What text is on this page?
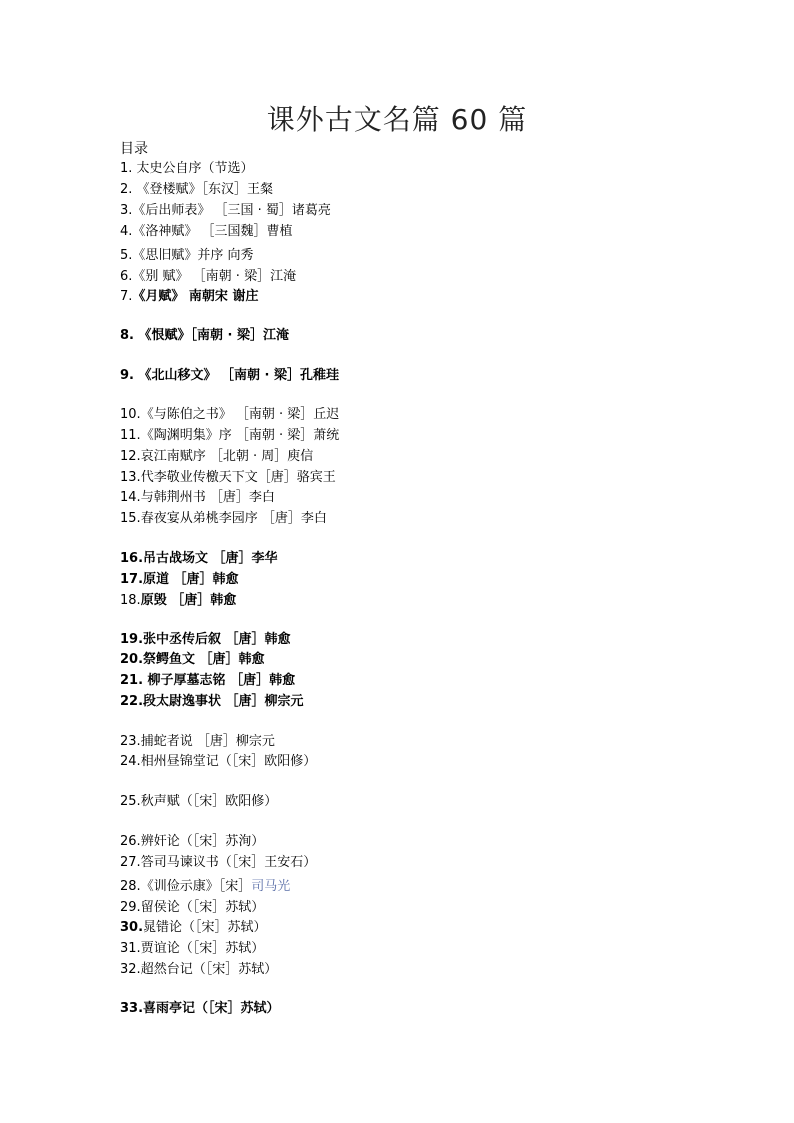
课外古文名篇 60 篇
目录
1. 太史公自序（节选）
2. 《登楼赋》［东汉］王粲
3.《后出师表》 ［三国 · 蜀］诸葛亮
4.《洛神赋》 ［三国魏］曹植
5.《思旧赋》并序 向秀
6.《别 赋》 ［南朝 · 梁］江淹
7.《月赋》 南朝宋 谢庄
8. 《恨赋》［南朝 · 梁］江淹
9. 《北山移文》 ［南朝 · 梁］孔稚珪
10.《与陈伯之书》 ［南朝 · 梁］丘迟
11.《陶渊明集》序 ［南朝 · 梁］萧统
12.哀江南赋序 ［北朝 · 周］庾信
13.代李敬业传檄天下文［唐］骆宾王
14.与韩荆州书 ［唐］李白
15.春夜宴从弟桃李园序 ［唐］李白
16.吊古战场文 ［唐］李华
17.原道 ［唐］韩愈
18.原毁 ［唐］韩愈
19.张中丞传后叙 ［唐］韩愈
20.祭鳄鱼文 ［唐］韩愈
21. 柳子厚墓志铭 ［唐］韩愈
22.段太尉逸事状 ［唐］柳宗元
23.捕蛇者说 ［唐］柳宗元
24.相州昼锦堂记（［宋］欧阳修）
25.秋声赋（［宋］欧阳修）
26.辨奸论（［宋］苏洵）
27.答司马谏议书（［宋］王安石）
28.《训俭示康》［宋］司马光
29.留侯论（［宋］苏轼）
30.晁错论（［宋］苏轼）
31.贾谊论（［宋］苏轼）
32.超然台记（［宋］苏轼）
33.喜雨亭记（［宋］苏轼）
